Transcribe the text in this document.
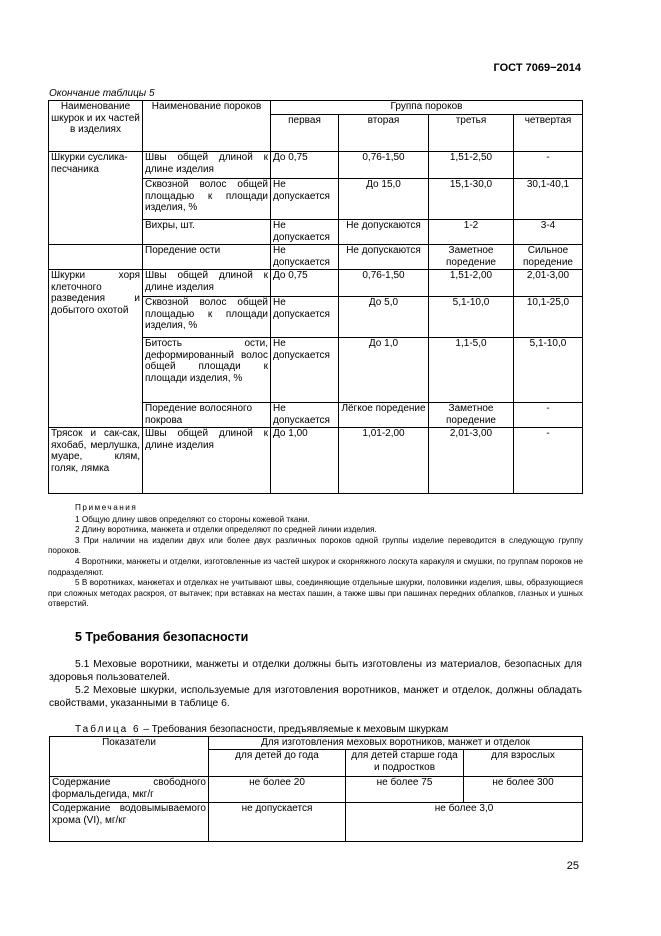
ГОСТ 7069−2014
Окончание таблицы 5
Наименование шкурок и их частей в изделиях	Наименование пороков	Группа пороков			
		первая	вторая	третья	четвертая
Шкурки суслика-песчаника	Швы общей длиной к длине изделия	До 0,75	0,76-1,50	1,51-2,50	-
	Сквозной волос общей площадью к площади изделия, %	Не допускается	До 15,0	15,1-30,0	30,1-40,1
	Вихры, шт.	Не допускается	Не допускаются	1-2	3-4
	Поредение ости	Не допускается	Не допускаются	Заметное поредение	Сильное поредение
Шкурки хоря клеточного разведения и добытого охотой	Швы общей длиной к длине изделия	До 0,75	0,76-1,50	1,51-2,00	2,01-3,00
	Сквозной волос общей площадью к площади изделия, %	Не допускается	До 5,0	5,1-10,0	10,1-25,0
	Битость ости, деформированный волос общей площади к площади изделия, %	Не допускается	До 1,0	1,1-5,0	5,1-10,0
	Поредение волосяного покрова	Не допускается	Лёгкое поредение	Заметное поредение	-
Трясок и сак-сак, яхобаб, мерлушка, муаре, клям, голяк, лямка	Швы общей длиной к длине изделия	До 1,00	1,01-2,00	2,01-3,00	-

Примечания

1 Общую длину швов определяют со стороны кожевой ткани.

2 Длину воротника, манжета и отделки определяют по средней линии изделия.

3 При наличии на изделии двух или более двух различных пороков одной группы изделие переводится в следующую группу пороков.

4 Воротники, манжеты и отделки, изготовленные из частей шкурок и скорняжного лоскута каракуля и смушки, по группам пороков не подразделяют.

5 В воротниках, манжетах и отделках не учитывают швы, соединяющие отдельные шкурки, половинки изделия, швы, образующиеся при сложных методах раскроя, от вытачек; при вставках на местах пашин, а также швы при пашинах передних облапков, глазных и ушных отверстий.

5 Требования безопасности

5.1 Меховые воротники, манжеты и отделки должны быть изготовлены из материалов, безопасных для здоровья пользователей.

5.2 Меховые шкурки, используемые для изготовления воротников, манжет и отделок, должны обладать свойствами, указанными в таблице 6.

Таблица 6 – Требования безопасности, предъявляемые к меховым шкуркам
Показатели	Для изготовления меховых воротников, манжет и отделок		
	для детей до года	для детей старше года и подростков	для взрослых
Содержание свободного формальдегида, мкг/г	не более 20	не более 75	не более 300
Содержание водовымываемого хрома (VI), мг/кг	не допускается	не более 3,0	
25
